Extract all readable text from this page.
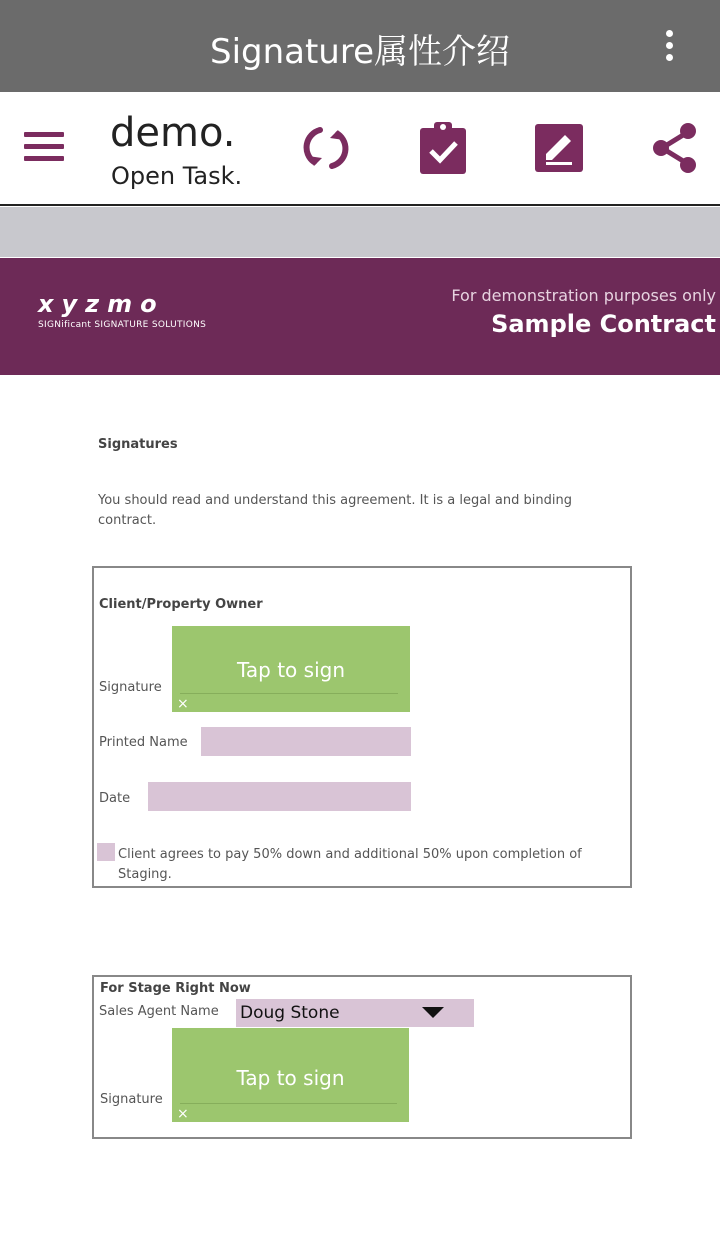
Signature属性介绍
demo.
Open Task.
xyzmo
SIGNificant SIGNATURE SOLUTIONS
For demonstration purposes only
Sample Contract
Signatures
You should read and understand this agreement. It is a legal and binding contract.
Client/Property Owner
Signature
Tap to sign
×
Printed Name
Date
Client agrees to pay 50% down and additional 50% upon completion of Staging.
For Stage Right Now
Sales Agent Name Doug Stone
Signature
Tap to sign
×
